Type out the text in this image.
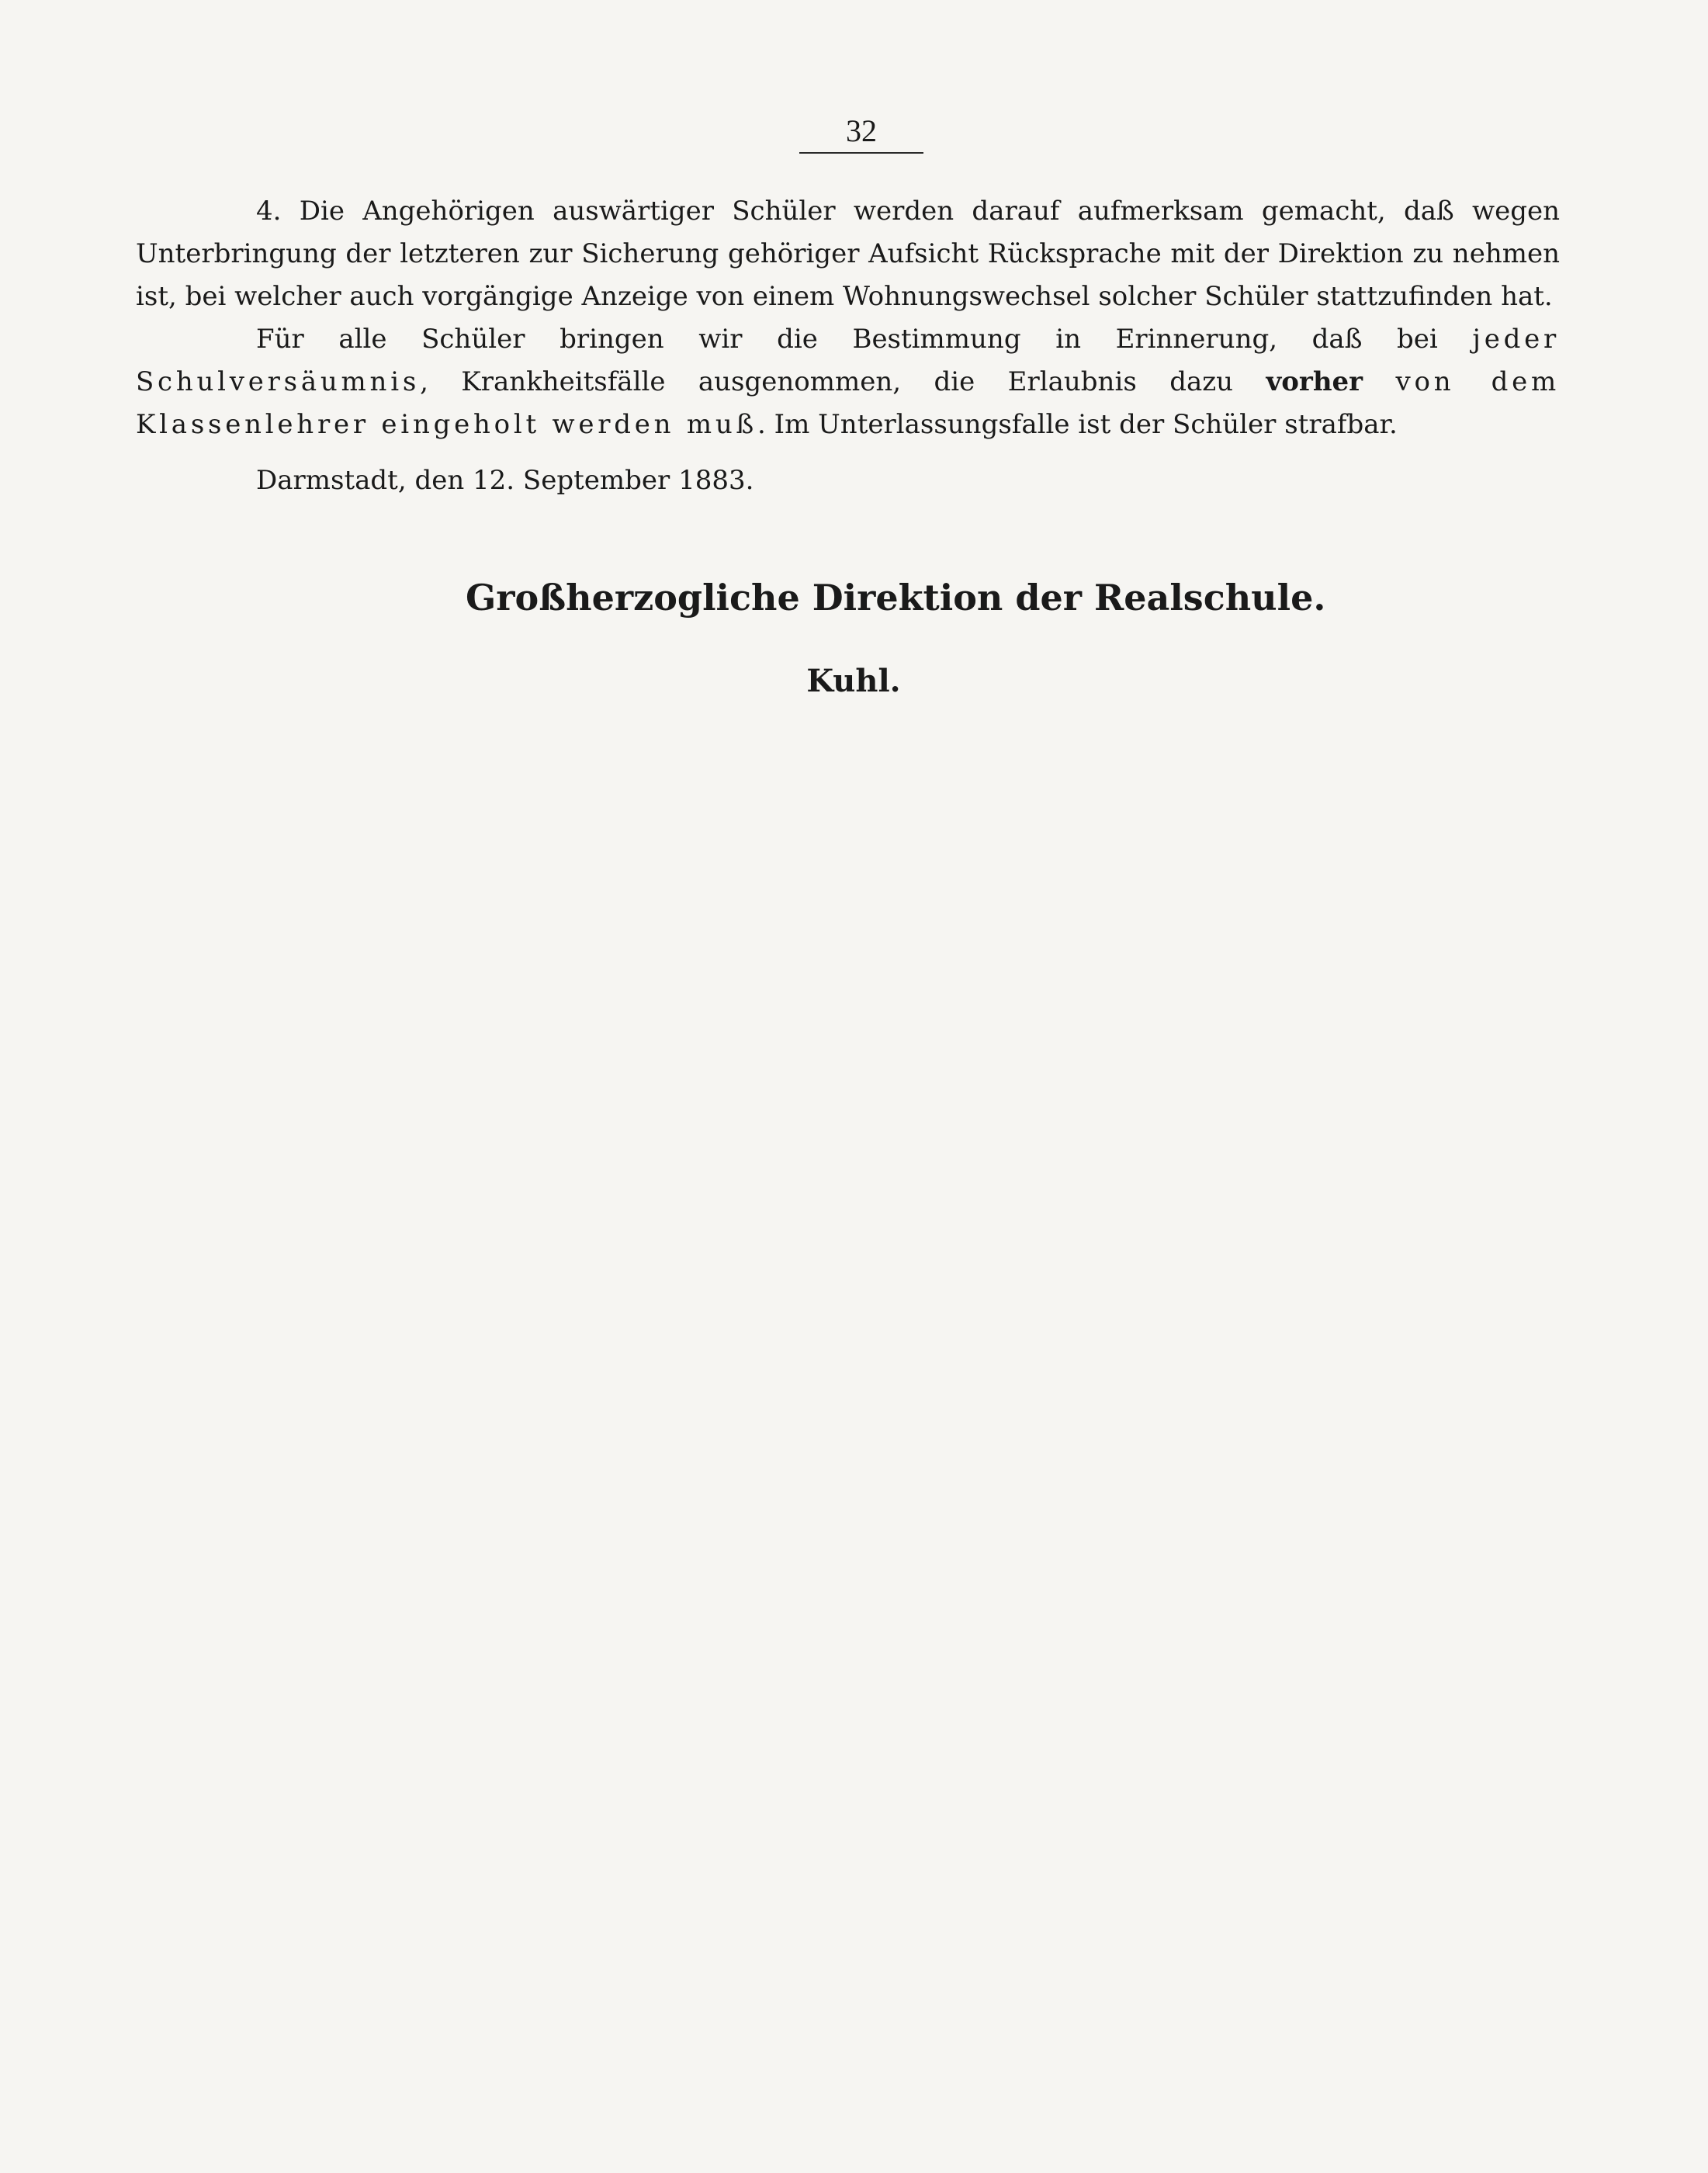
32

4. Die Angehörigen auswärtiger Schüler werden darauf aufmerksam gemacht, daß wegen Unterbringung der letzteren zur Sicherung gehöriger Aufsicht Rücksprache mit der Direktion zu nehmen ist, bei welcher auch vorgängige Anzeige von einem Wohnungswechsel solcher Schüler stattzufinden hat.

Für alle Schüler bringen wir die Bestimmung in Erinnerung, daß bei jeder Schulversäumnis, Krankheitsfälle ausgenommen, die Erlaubnis dazu vorher von dem Klassenlehrer eingeholt werden muß. Im Unterlassungsfalle ist der Schüler strafbar.

Darmstadt, den 12. September 1883.
Großherzogliche Direktion der Realschule.
Kuhl.
